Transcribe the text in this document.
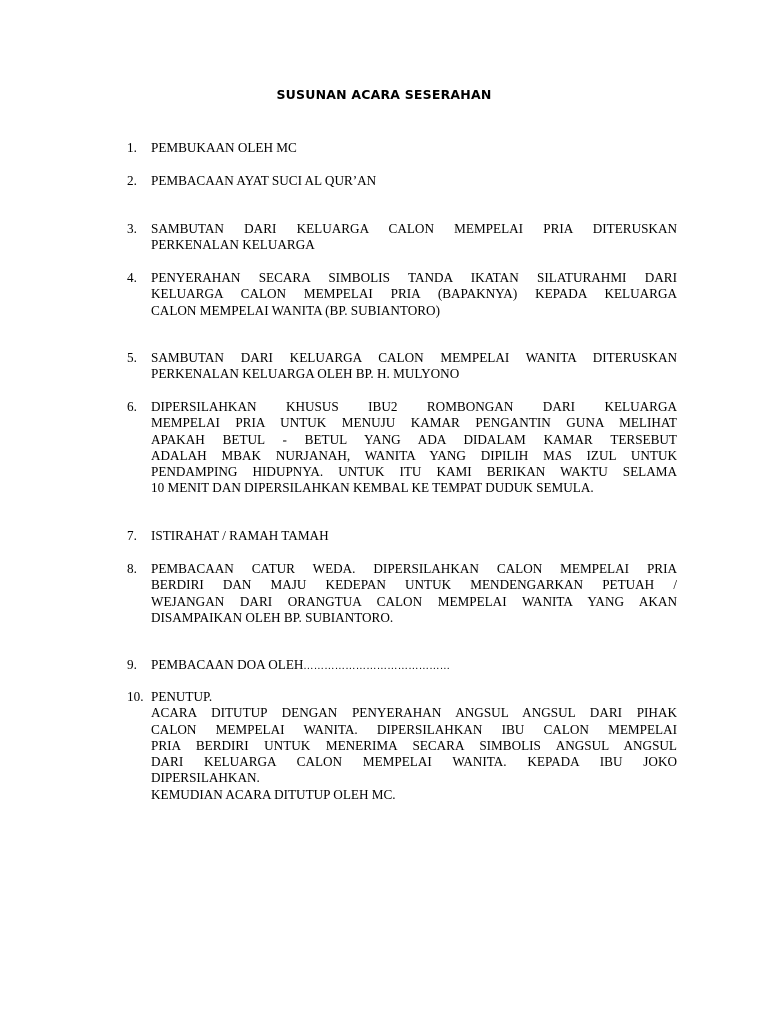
SUSUNAN ACARA SESERAHAN
1.	PEMBUKAAN OLEH MC
2.	PEMBACAAN AYAT SUCI AL QUR’AN
3.	SAMBUTAN DARI KELUARGA CALON MEMPELAI PRIA DITERUSKAN
PERKENALAN KELUARGA
4.	PENYERAHAN SECARA SIMBOLIS TANDA IKATAN SILATURAHMI DARI
KELUARGA CALON MEMPELAI PRIA (BAPAKNYA) KEPADA KELUARGA
CALON MEMPELAI WANITA (BP. SUBIANTORO)
5.	SAMBUTAN DARI KELUARGA CALON MEMPELAI WANITA DITERUSKAN
PERKENALAN KELUARGA OLEH BP. H. MULYONO
6.	DIPERSILAHKAN KHUSUS IBU2 ROMBONGAN DARI KELUARGA
MEMPELAI PRIA UNTUK MENUJU KAMAR PENGANTIN GUNA MELIHAT
APAKAH BETUL - BETUL YANG ADA DIDALAM KAMAR TERSEBUT
ADALAH MBAK NURJANAH, WANITA YANG DIPILIH MAS IZUL UNTUK
PENDAMPING HIDUPNYA. UNTUK ITU KAMI BERIKAN WAKTU SELAMA
10 MENIT DAN DIPERSILAHKAN KEMBAL KE TEMPAT DUDUK SEMULA.
7.	ISTIRAHAT / RAMAH TAMAH
8.	PEMBACAAN CATUR WEDA. DIPERSILAHKAN CALON MEMPELAI PRIA
BERDIRI DAN MAJU KEDEPAN UNTUK MENDENGARKAN PETUAH /
WEJANGAN DARI ORANGTUA CALON MEMPELAI WANITA YANG AKAN
DISAMPAIKAN OLEH BP. SUBIANTORO.
9.	PEMBACAAN DOA OLEH……………………………………
10. PENUTUP.
ACARA DITUTUP DENGAN PENYERAHAN ANGSUL ANGSUL DARI PIHAK
CALON MEMPELAI WANITA. DIPERSILAHKAN IBU CALON MEMPELAI
PRIA BERDIRI UNTUK MENERIMA SECARA SIMBOLIS ANGSUL ANGSUL
DARI KELUARGA CALON MEMPELAI WANITA. KEPADA IBU JOKO
DIPERSILAHKAN.
KEMUDIAN ACARA DITUTUP OLEH MC.
